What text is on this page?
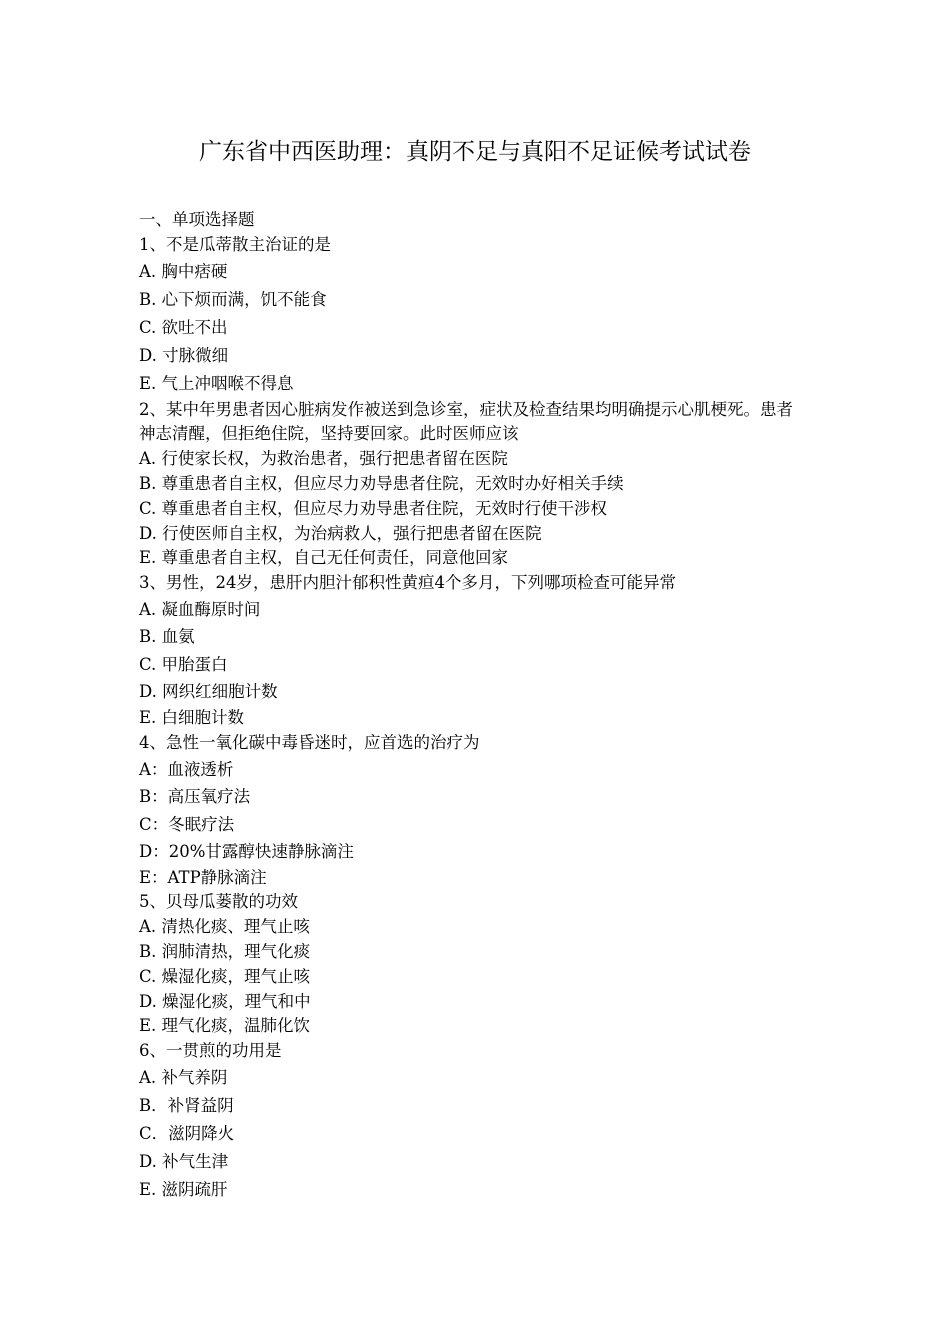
广东省中西医助理：真阴不足与真阳不足证候考试试卷
一、单项选择题
1、不是瓜蒂散主治证的是
A. 胸中痞硬
B. 心下烦而满，饥不能食
C. 欲吐不出
D. 寸脉微细
E. 气上冲咽喉不得息
2、某中年男患者因心脏病发作被送到急诊室，症状及检查结果均明确提示心肌梗死。患者神志清醒，但拒绝住院，坚持要回家。此时医师应该
A. 行使家长权，为救治患者，强行把患者留在医院
B. 尊重患者自主权，但应尽力劝导患者住院，无效时办好相关手续
C. 尊重患者自主权，但应尽力劝导患者住院，无效时行使干涉权
D. 行使医师自主权，为治病救人，强行把患者留在医院
E. 尊重患者自主权，自己无任何责任，同意他回家
3、男性，24岁，患肝内胆汁郁积性黄疸4个多月，下列哪项检查可能异常
A. 凝血酶原时间
B. 血氨
C. 甲胎蛋白
D. 网织红细胞计数
E. 白细胞计数
4、急性一氧化碳中毒昏迷时，应首选的治疗为
A：血液透析
B：高压氧疗法
C：冬眠疗法
D：20%甘露醇快速静脉滴注
E：ATP静脉滴注
5、贝母瓜蒌散的功效
A. 清热化痰、理气止咳
B. 润肺清热，理气化痰
C. 燥湿化痰，理气止咳
D. 燥湿化痰，理气和中
E. 理气化痰，温肺化饮
6、一贯煎的功用是
A. 补气养阴
B．补肾益阴
C．滋阴降火
D. 补气生津
E. 滋阴疏肝
